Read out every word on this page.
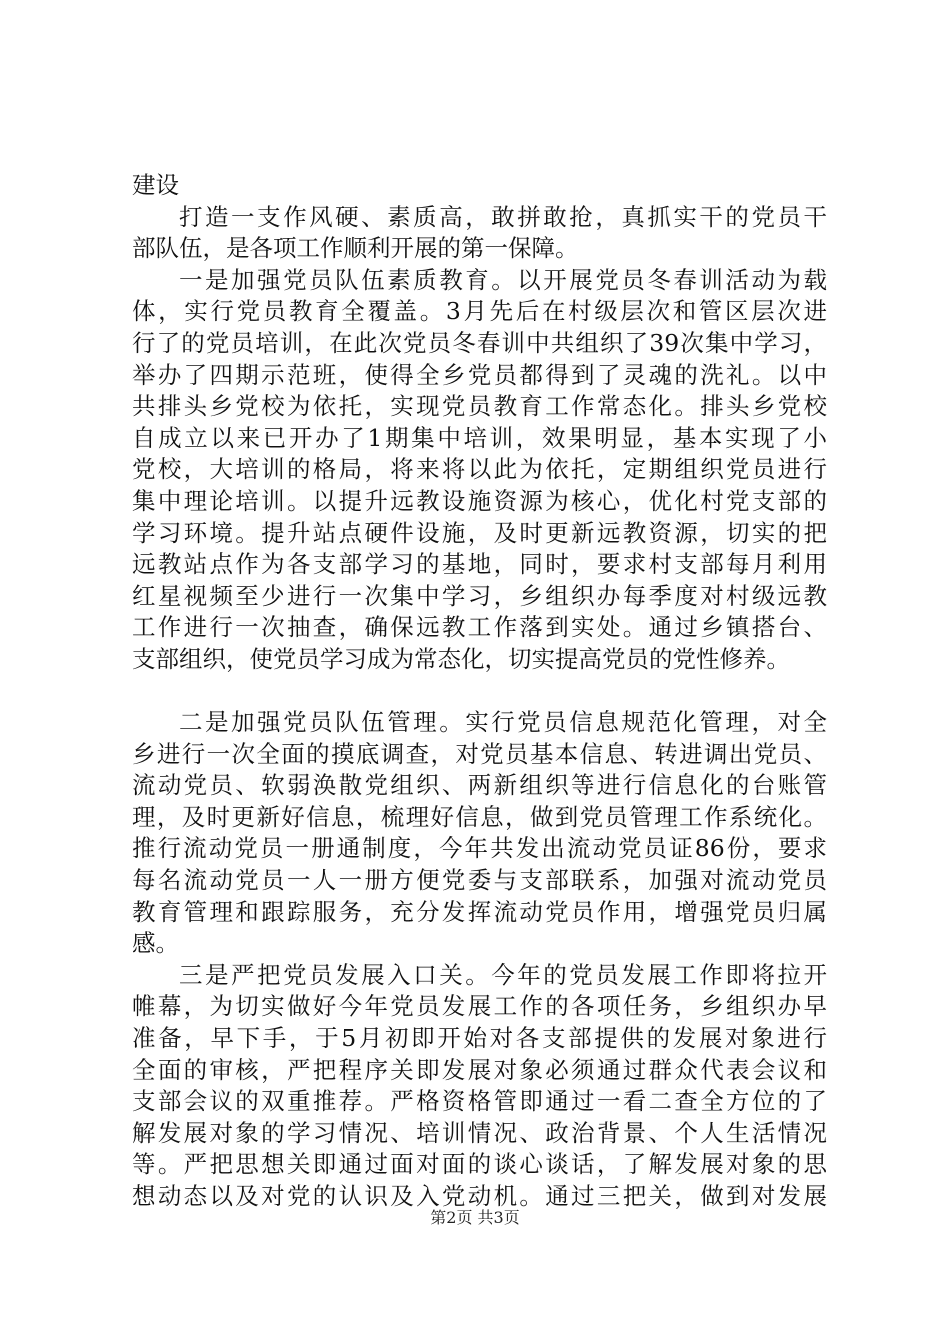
建设
打造一支作风硬、素质高，敢拼敢抢，真抓实干的党员干
部队伍，是各项工作顺利开展的第一保障。
一是加强党员队伍素质教育。以开展党员冬春训活动为载
体，实行党员教育全覆盖。3月先后在村级层次和管区层次进
行了的党员培训，在此次党员冬春训中共组织了39次集中学习，
举办了四期示范班，使得全乡党员都得到了灵魂的洗礼。以中
共排头乡党校为依托，实现党员教育工作常态化。排头乡党校
自成立以来已开办了1期集中培训，效果明显，基本实现了小
党校，大培训的格局，将来将以此为依托，定期组织党员进行
集中理论培训。以提升远教设施资源为核心，优化村党支部的
学习环境。提升站点硬件设施，及时更新远教资源，切实的把
远教站点作为各支部学习的基地，同时，要求村支部每月利用
红星视频至少进行一次集中学习，乡组织办每季度对村级远教
工作进行一次抽查，确保远教工作落到实处。通过乡镇搭台、
支部组织，使党员学习成为常态化，切实提高党员的党性修养。
二是加强党员队伍管理。实行党员信息规范化管理，对全
乡进行一次全面的摸底调查，对党员基本信息、转进调出党员、
流动党员、软弱涣散党组织、两新组织等进行信息化的台账管
理，及时更新好信息，梳理好信息，做到党员管理工作系统化。
推行流动党员一册通制度，今年共发出流动党员证86份，要求
每名流动党员一人一册方便党委与支部联系，加强对流动党员
教育管理和跟踪服务，充分发挥流动党员作用，增强党员归属
感。
三是严把党员发展入口关。今年的党员发展工作即将拉开
帷幕，为切实做好今年党员发展工作的各项任务，乡组织办早
准备，早下手，于5月初即开始对各支部提供的发展对象进行
全面的审核，严把程序关即发展对象必须通过群众代表会议和
支部会议的双重推荐。严格资格管即通过一看二查全方位的了
解发展对象的学习情况、培训情况、政治背景、个人生活情况
等。严把思想关即通过面对面的谈心谈话，了解发展对象的思
想动态以及对党的认识及入党动机。通过三把关，做到对发展
第2页 共3页
